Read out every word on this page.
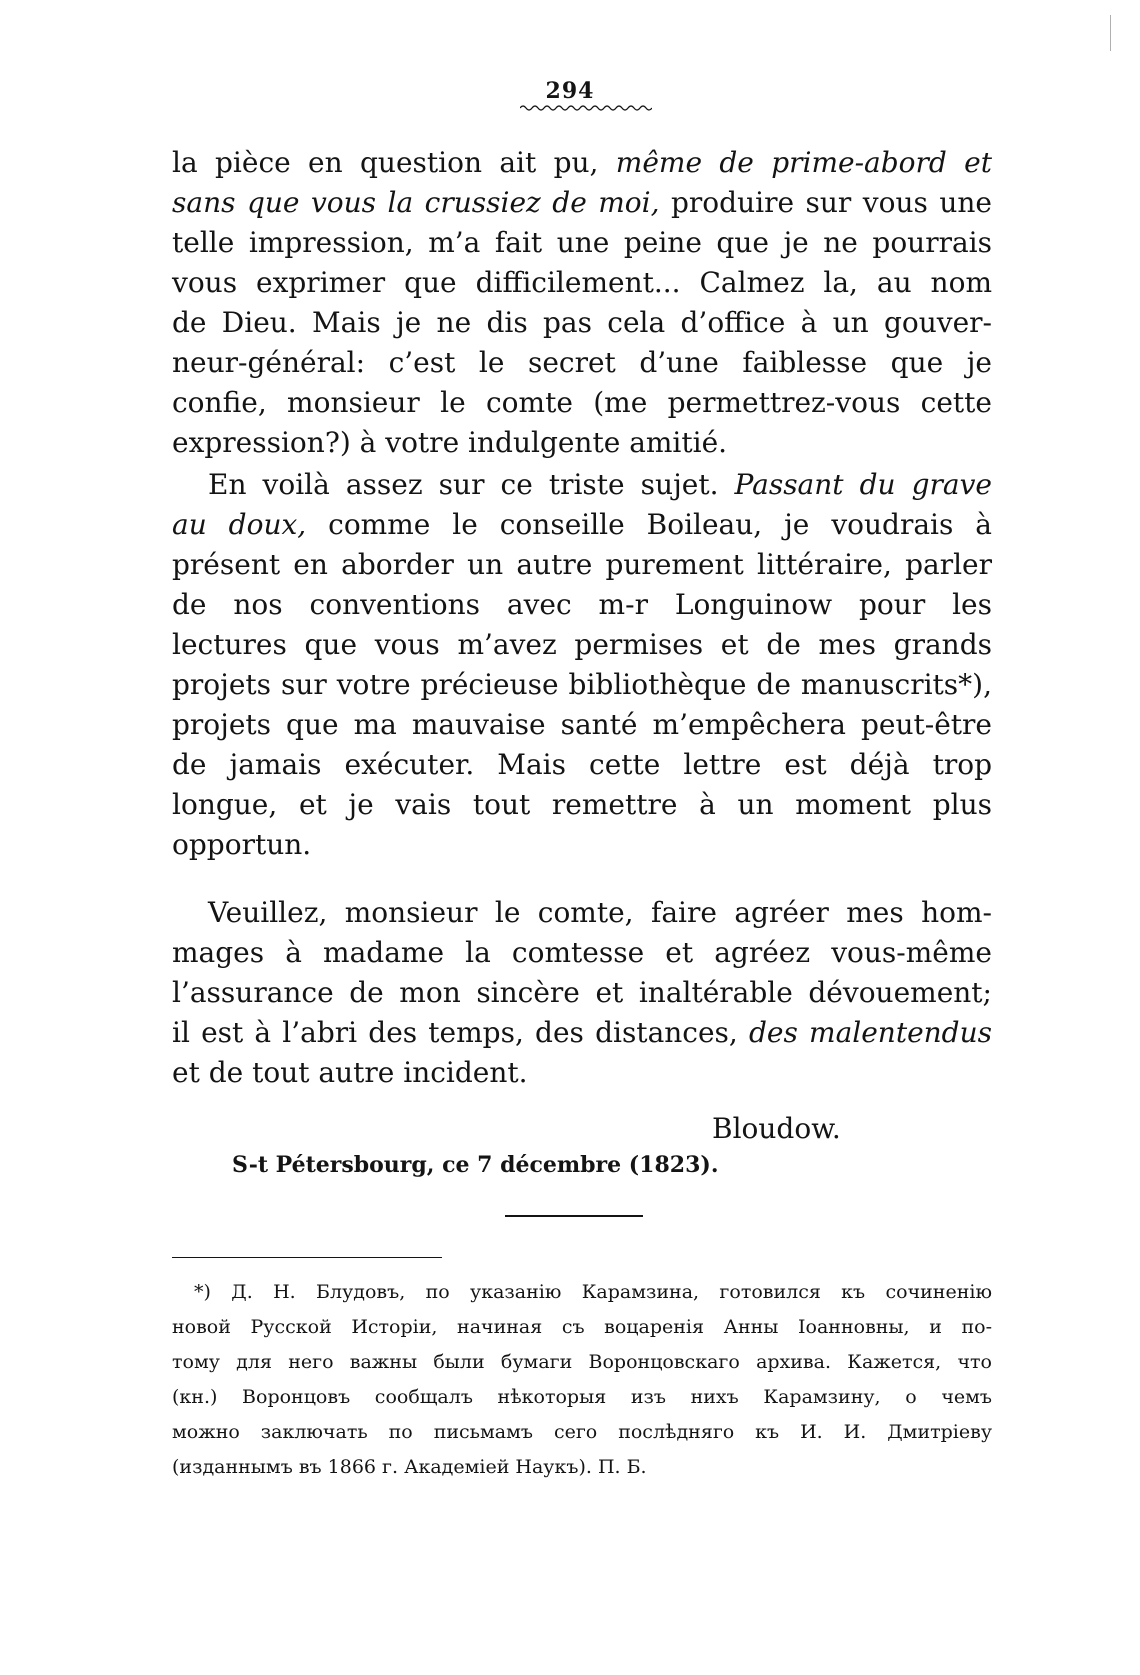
294
la pièce en question ait pu, même de prime-abord et
sans que vous la crussiez de moi, produire sur vous une
telle impression, m’a fait une peine que je ne pourrais
vous exprimer que difficilement... Calmez la, au nom
de Dieu. Mais je ne dis pas cela d’office à un gouver-
neur-général: c’est le secret d’une faiblesse que je
confie, monsieur le comte (me permettrez-vous cette
expression?) à votre indulgente amitié.
En voilà assez sur ce triste sujet. Passant du grave
au doux, comme le conseille Boileau, je voudrais à
présent en aborder un autre purement littéraire, parler
de nos conventions avec m-r Longuinow pour les
lectures que vous m’avez permises et de mes grands
projets sur votre précieuse bibliothèque de manuscrits*),
projets que ma mauvaise santé m’empêchera peut-être
de jamais exécuter. Mais cette lettre est déjà trop
longue, et je vais tout remettre à un moment plus
opportun.
Veuillez, monsieur le comte, faire agréer mes hom-
mages à madame la comtesse et agréez vous-même
l’assurance de mon sincère et inaltérable dévouement;
il est à l’abri des temps, des distances, des malentendus
et de tout autre incident.
Bloudow.
S-t Pétersbourg, ce 7 décembre (1823).
*) Д. Н. Блудовъ, по указанію Карамзина, готовился къ сочиненію
новой Русской Исторіи, начиная съ воцаренія Анны Іоанновны, и по-
тому для него важны были бумаги Воронцовскаго архива. Кажется, что
(кн.) Воронцовъ сообщалъ нѣкоторыя изъ нихъ Карамзину, о чемъ
можно заключать по письмамъ сего послѣдняго къ И. И. Дмитріеву
(изданнымъ въ 1866 г. Академіей Наукъ). П. Б.
